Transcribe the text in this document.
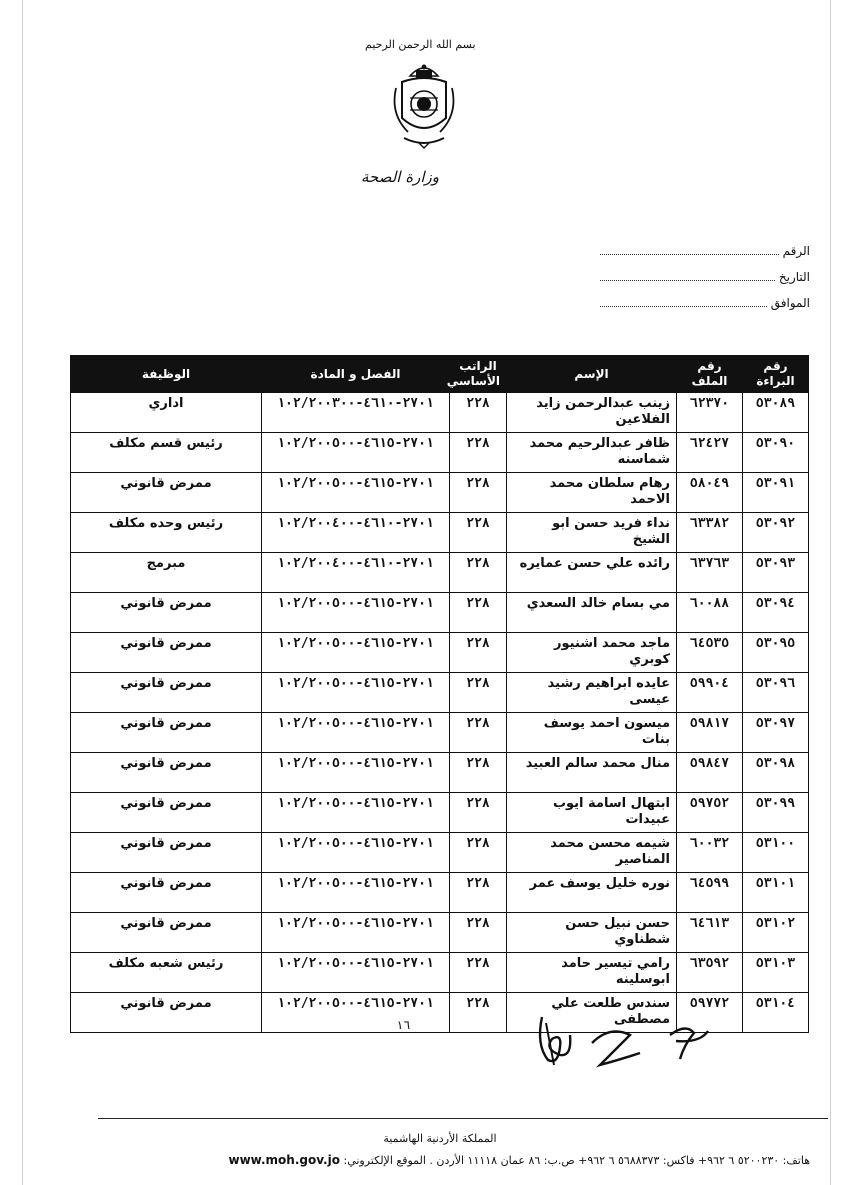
بسم الله الرحمن الرحيم
وزارة الصحة
الرقم
التاريخ
الموافق
رقم البراءة	رقم الملف	الإسم	الراتب الأساسي	الفصل و المادة	الوظيفة
٥٣٠٨٩	٦٢٣٧٠	زينب عبدالرحمن زايد الفلاعين	٢٢٨	٢٧٠١-٤٦١٠-١٠٢/٢٠٠٣٠٠	اداري
٥٣٠٩٠	٦٢٤٢٧	ظافر عبدالرحيم محمد شماسنه	٢٢٨	٢٧٠١-٤٦١٥-١٠٢/٢٠٠٥٠٠	رئيس قسم مكلف
٥٣٠٩١	٥٨٠٤٩	رهام سلطان محمد الاحمد	٢٢٨	٢٧٠١-٤٦١٥-١٠٢/٢٠٠٥٠٠	ممرض قانوني
٥٣٠٩٢	٦٣٣٨٢	نداء فريد حسن ابو الشيخ	٢٢٨	٢٧٠١-٤٦١٠-١٠٢/٢٠٠٤٠٠	رئيس وحده مكلف
٥٣٠٩٣	٦٣٧٦٣	رائده علي حسن عمايره	٢٢٨	٢٧٠١-٤٦١٠-١٠٢/٢٠٠٤٠٠	مبرمج
٥٣٠٩٤	٦٠٠٨٨	مي بسام خالد السعدي	٢٢٨	٢٧٠١-٤٦١٥-١٠٢/٢٠٠٥٠٠	ممرض قانوني
٥٣٠٩٥	٦٤٥٣٥	ماجد محمد اشنيور كوبري	٢٢٨	٢٧٠١-٤٦١٥-١٠٢/٢٠٠٥٠٠	ممرض قانوني
٥٣٠٩٦	٥٩٩٠٤	عايده ابراهيم رشيد عيسى	٢٢٨	٢٧٠١-٤٦١٥-١٠٢/٢٠٠٥٠٠	ممرض قانوني
٥٣٠٩٧	٥٩٨١٧	ميسون احمد يوسف بنات	٢٢٨	٢٧٠١-٤٦١٥-١٠٢/٢٠٠٥٠٠	ممرض قانوني
٥٣٠٩٨	٥٩٨٤٧	منال محمد سالم العبيد	٢٢٨	٢٧٠١-٤٦١٥-١٠٢/٢٠٠٥٠٠	ممرض قانوني
٥٣٠٩٩	٥٩٧٥٢	ابتهال اسامة ايوب عبيدات	٢٢٨	٢٧٠١-٤٦١٥-١٠٢/٢٠٠٥٠٠	ممرض قانوني
٥٣١٠٠	٦٠٠٣٢	شيمه محسن محمد المناصير	٢٢٨	٢٧٠١-٤٦١٥-١٠٢/٢٠٠٥٠٠	ممرض قانوني
٥٣١٠١	٦٤٥٩٩	نوره خليل يوسف عمر	٢٢٨	٢٧٠١-٤٦١٥-١٠٢/٢٠٠٥٠٠	ممرض قانوني
٥٣١٠٢	٦٤٦١٣	حسن نبيل حسن شطناوي	٢٢٨	٢٧٠١-٤٦١٥-١٠٢/٢٠٠٥٠٠	ممرض قانوني
٥٣١٠٣	٦٣٥٩٢	رامي تيسير حامد ابوسلينه	٢٢٨	٢٧٠١-٤٦١٥-١٠٢/٢٠٠٥٠٠	رئيس شعبه مكلف
٥٣١٠٤	٥٩٧٧٢	سندس طلعت علي مصطفى	٢٢٨	٢٧٠١-٤٦١٥-١٠٢/٢٠٠٥٠٠	ممرض قانوني
١٦
المملكة الأردنية الهاشمية
هاتف: ٥٢٠٠٢٣٠ ٦ ٩٦٢+ فاكس: ٥٦٨٨٣٧٣ ٦ ٩٦٢+ ص.ب: ٨٦ عمان ١١١١٨ الأردن . الموقع الإلكتروني: www.moh.gov.jo
